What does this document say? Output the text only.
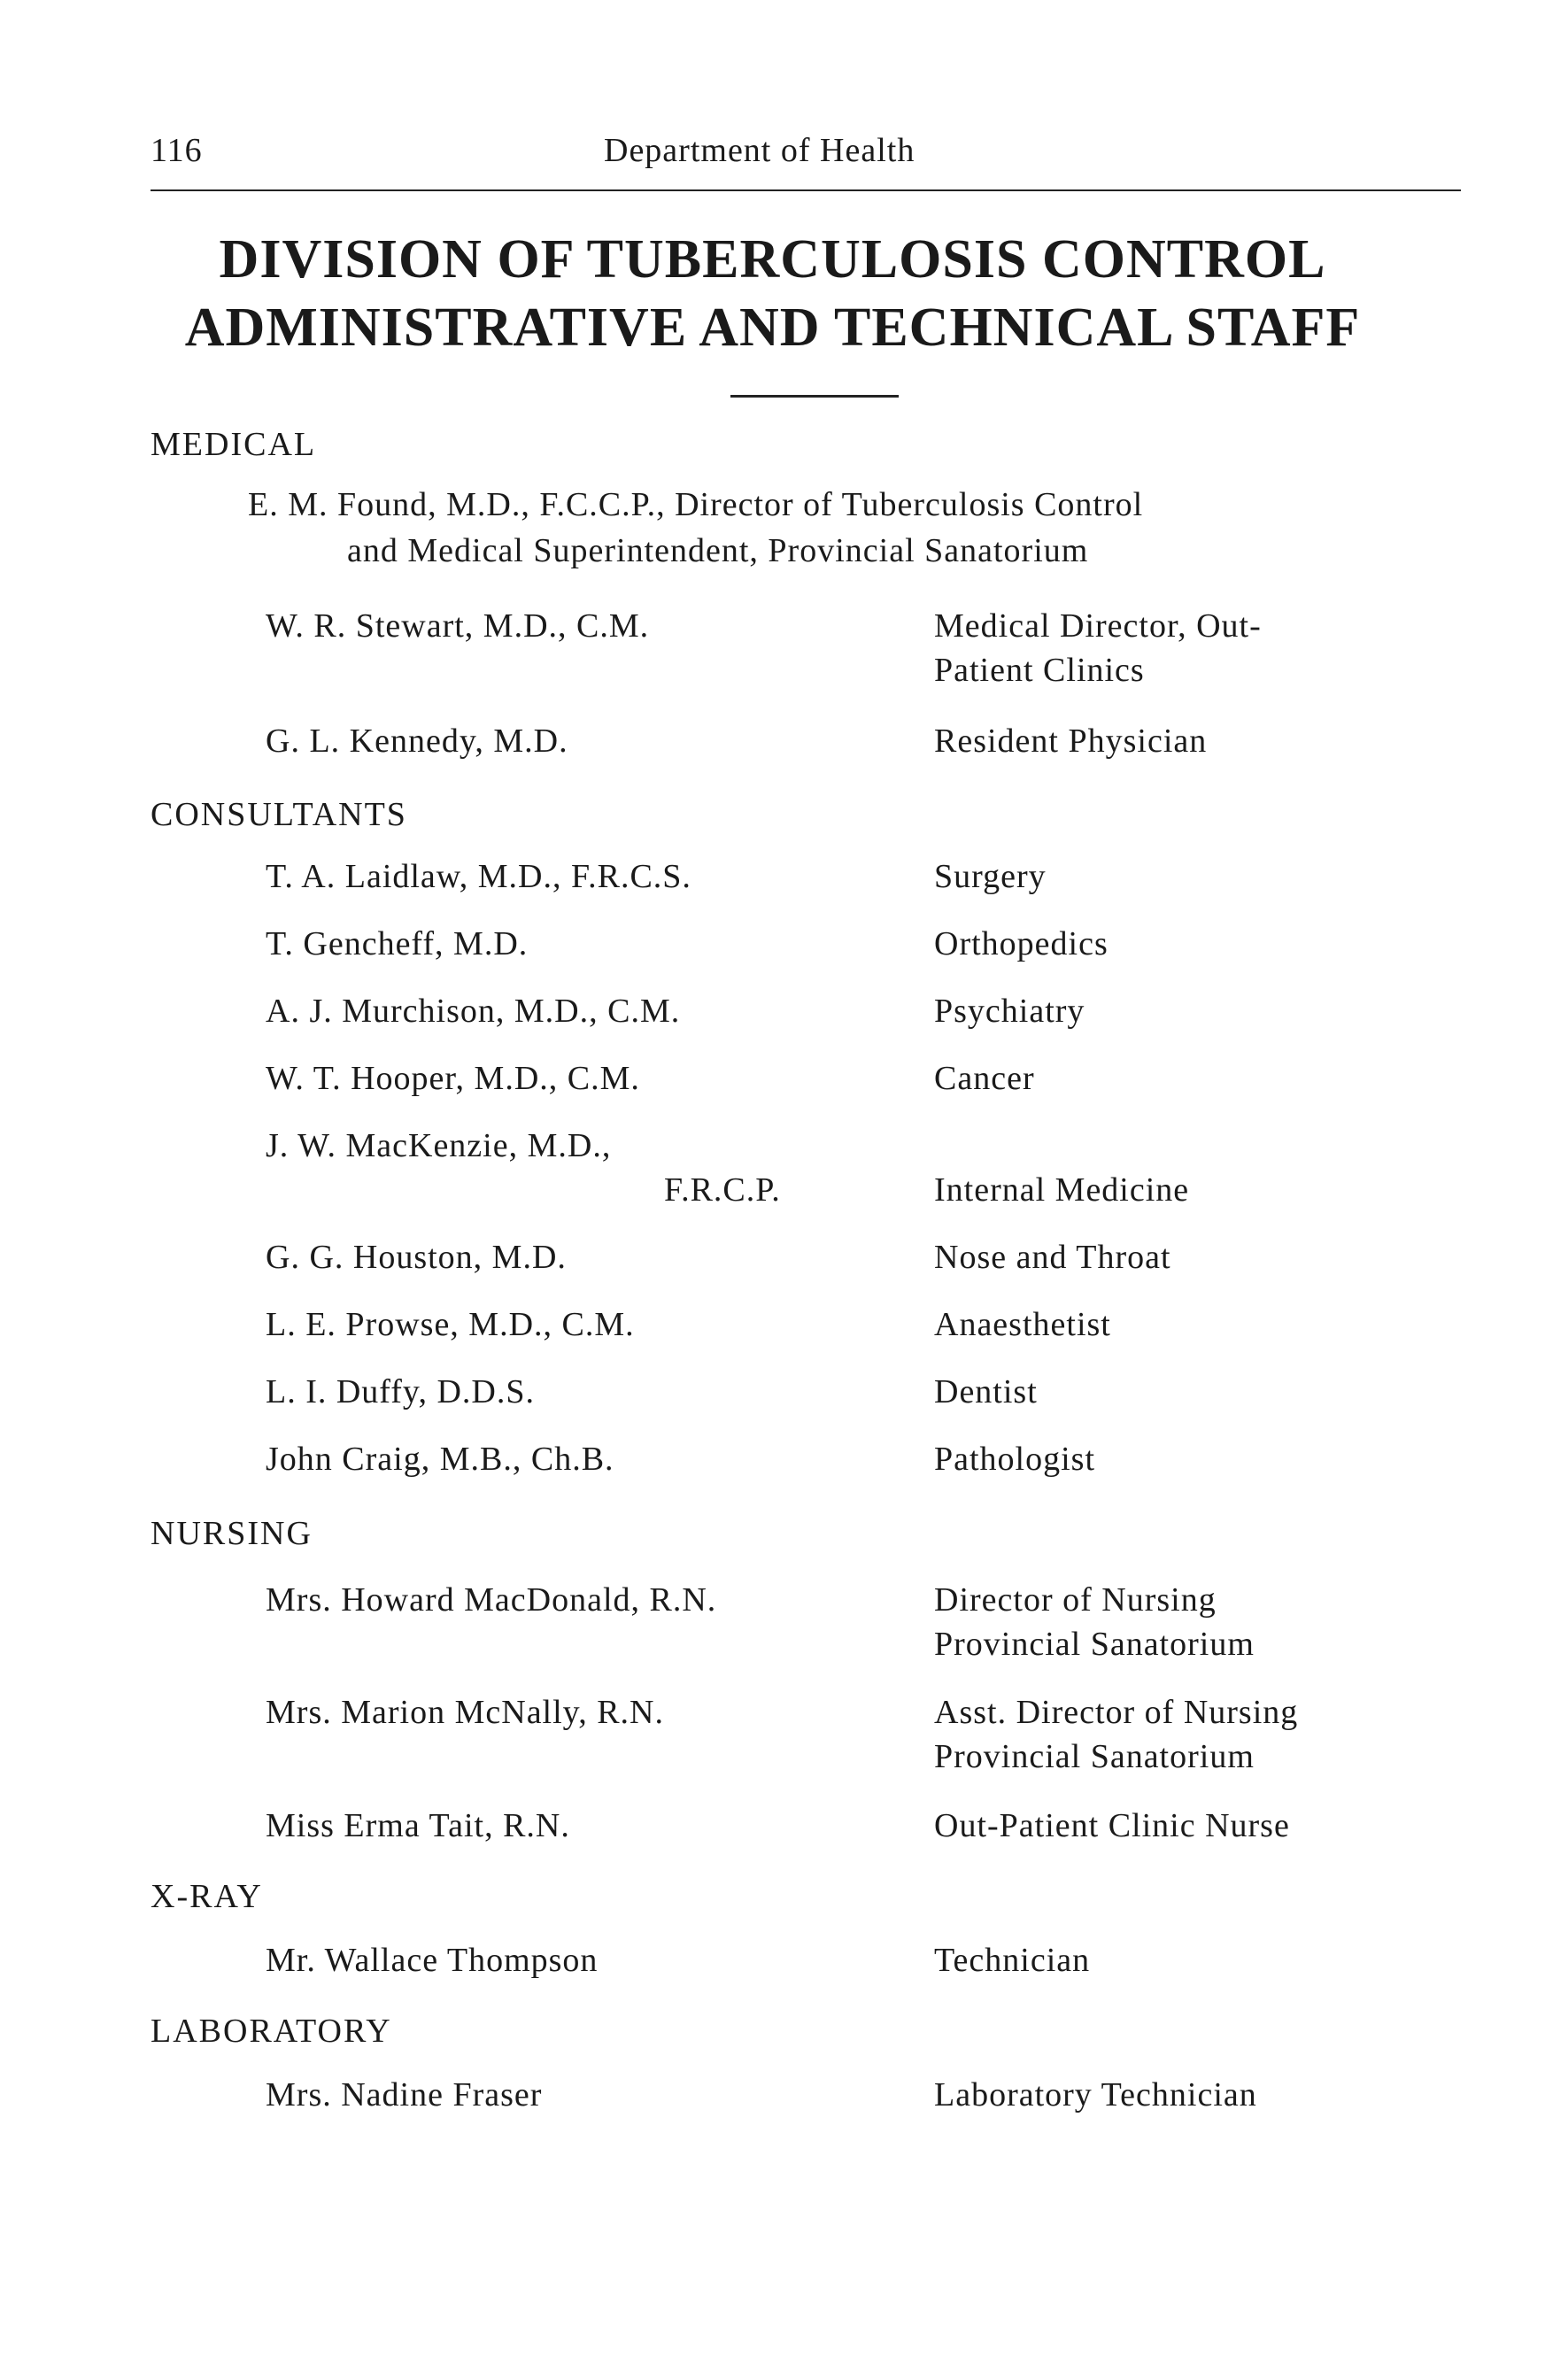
116	Department of Health
DIVISION OF TUBERCULOSIS CONTROL
ADMINISTRATIVE AND TECHNICAL STAFF
MEDICAL
E. M. Found, M.D., F.C.C.P., Director of Tuberculosis Control
and Medical Superintendent, Provincial Sanatorium
W. R. Stewart, M.D., C.M.	Medical Director, Out-
Patient Clinics
G. L. Kennedy, M.D.	Resident Physician
CONSULTANTS
T. A. Laidlaw, M.D., F.R.C.S.	Surgery
T. Gencheff, M.D.	Orthopedics
A. J. Murchison, M.D., C.M.	Psychiatry
W. T. Hooper, M.D., C.M.	Cancer
J. W. MacKenzie, M.D.,
F.R.C.P.	Internal Medicine
G. G. Houston, M.D.	Nose and Throat
L. E. Prowse, M.D., C.M.	Anaesthetist
L. I. Duffy, D.D.S.	Dentist
John Craig, M.B., Ch.B.	Pathologist
NURSING
Mrs. Howard MacDonald, R.N.	Director of Nursing
Provincial Sanatorium
Mrs. Marion McNally, R.N.	Asst. Director of Nursing
Provincial Sanatorium
Miss Erma Tait, R.N.	Out-Patient Clinic Nurse
X-RAY
Mr. Wallace Thompson	Technician
LABORATORY
Mrs. Nadine Fraser	Laboratory Technician
